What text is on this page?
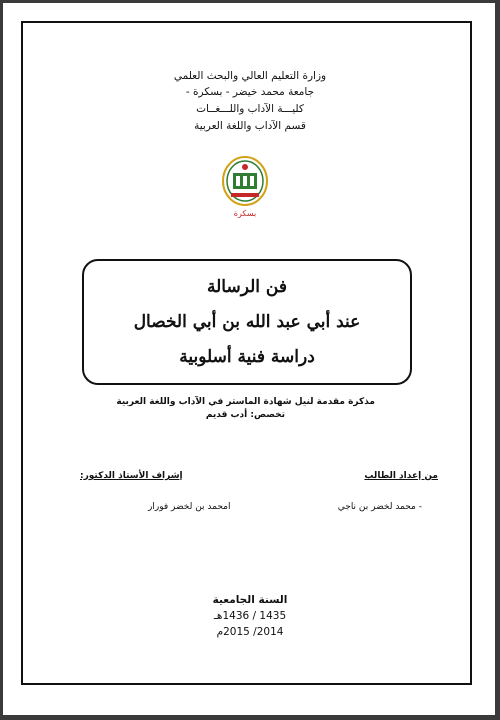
وزارة التعليم العالي والبحث العلمي
جامعة محمد خيضر - بسكرة -
كليـــة الآداب واللـــغــات
قسم الآداب واللغة العربية
بسكرة
فن الرسالة
عند أبي عبد الله بن أبي الخصال
دراسة فنية أسلوبية
مذكرة مقدمة لنيل شهادة الماستر في الآداب واللغة العربية
تخصص: أدب قديم
من إعداد الطالب
إشراف الأستاذ الدكتور:
- محمد لخضر بن ناجي
امحمد بن لخضر فورار
السنة الجامعية
1435 / 1436هـ
2014/ 2015م
